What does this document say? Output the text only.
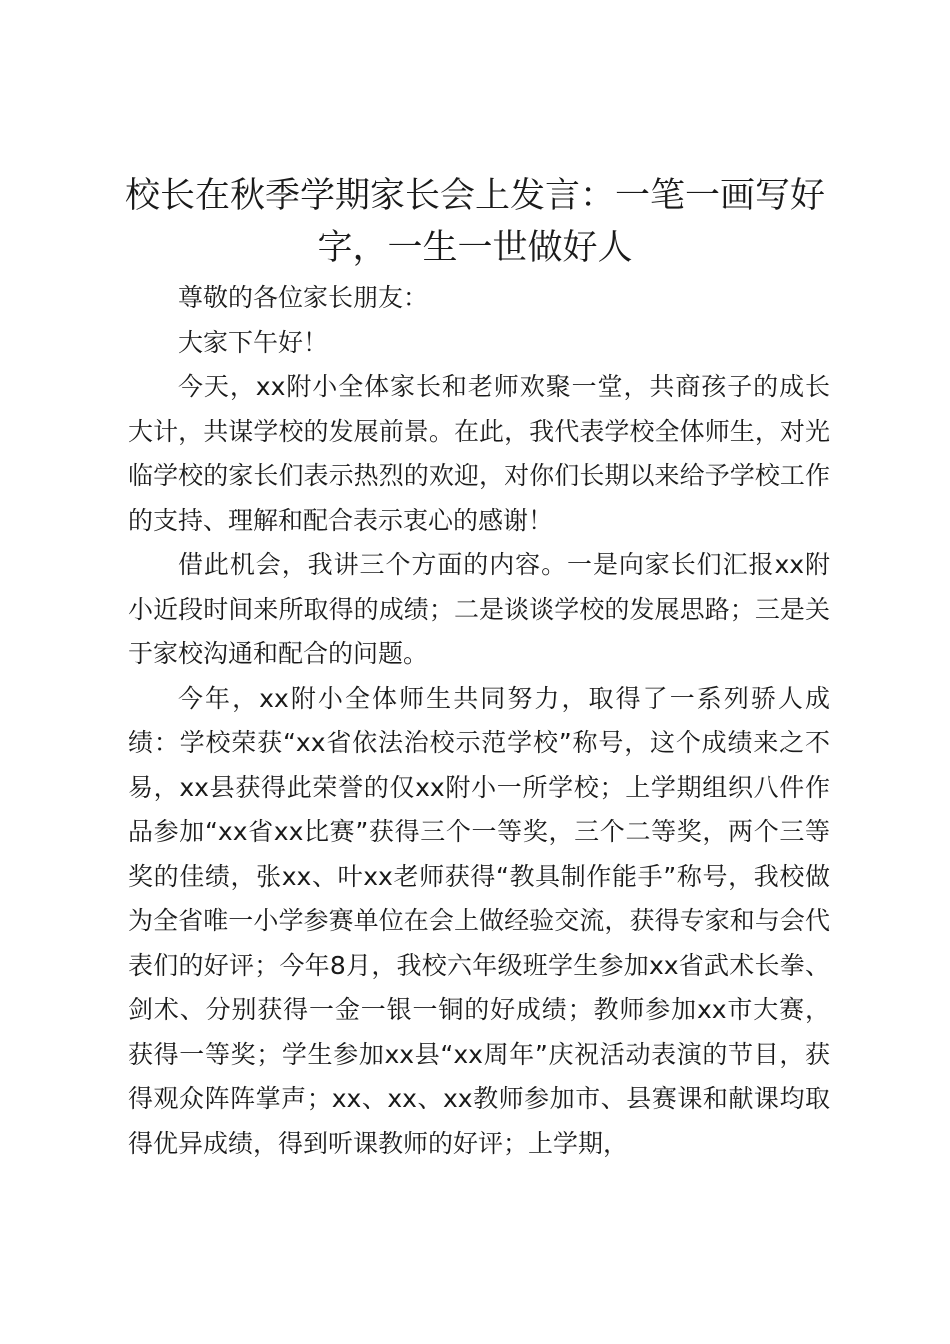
校长在秋季学期家长会上发言：一笔一画写好字，一生一世做好人

尊敬的各位家长朋友：

大家下午好！

今天，xx附小全体家长和老师欢聚一堂，共商孩子的成长大计，共谋学校的发展前景。在此，我代表学校全体师生，对光临学校的家长们表示热烈的欢迎，对你们长期以来给予学校工作的支持、理解和配合表示衷心的感谢！

借此机会，我讲三个方面的内容。一是向家长们汇报xx附小近段时间来所取得的成绩；二是谈谈学校的发展思路；三是关于家校沟通和配合的问题。

今年，xx附小全体师生共同努力，取得了一系列骄人成绩：学校荣获“xx省依法治校示范学校”称号，这个成绩来之不易，xx县获得此荣誉的仅xx附小一所学校；上学期组织八件作品参加“xx省xx比赛”获得三个一等奖，三个二等奖，两个三等奖的佳绩，张xx、叶xx老师获得“教具制作能手”称号，我校做为全省唯一小学参赛单位在会上做经验交流，获得专家和与会代表们的好评；今年8月，我校六年级班学生参加xx省武术长拳、剑术、分别获得一金一银一铜的好成绩；教师参加xx市大赛，获得一等奖；学生参加xx县“xx周年”庆祝活动表演的节目，获得观众阵阵掌声；xx、xx、xx教师参加市、县赛课和献课均取得优异成绩，得到听课教师的好评；上学期，
